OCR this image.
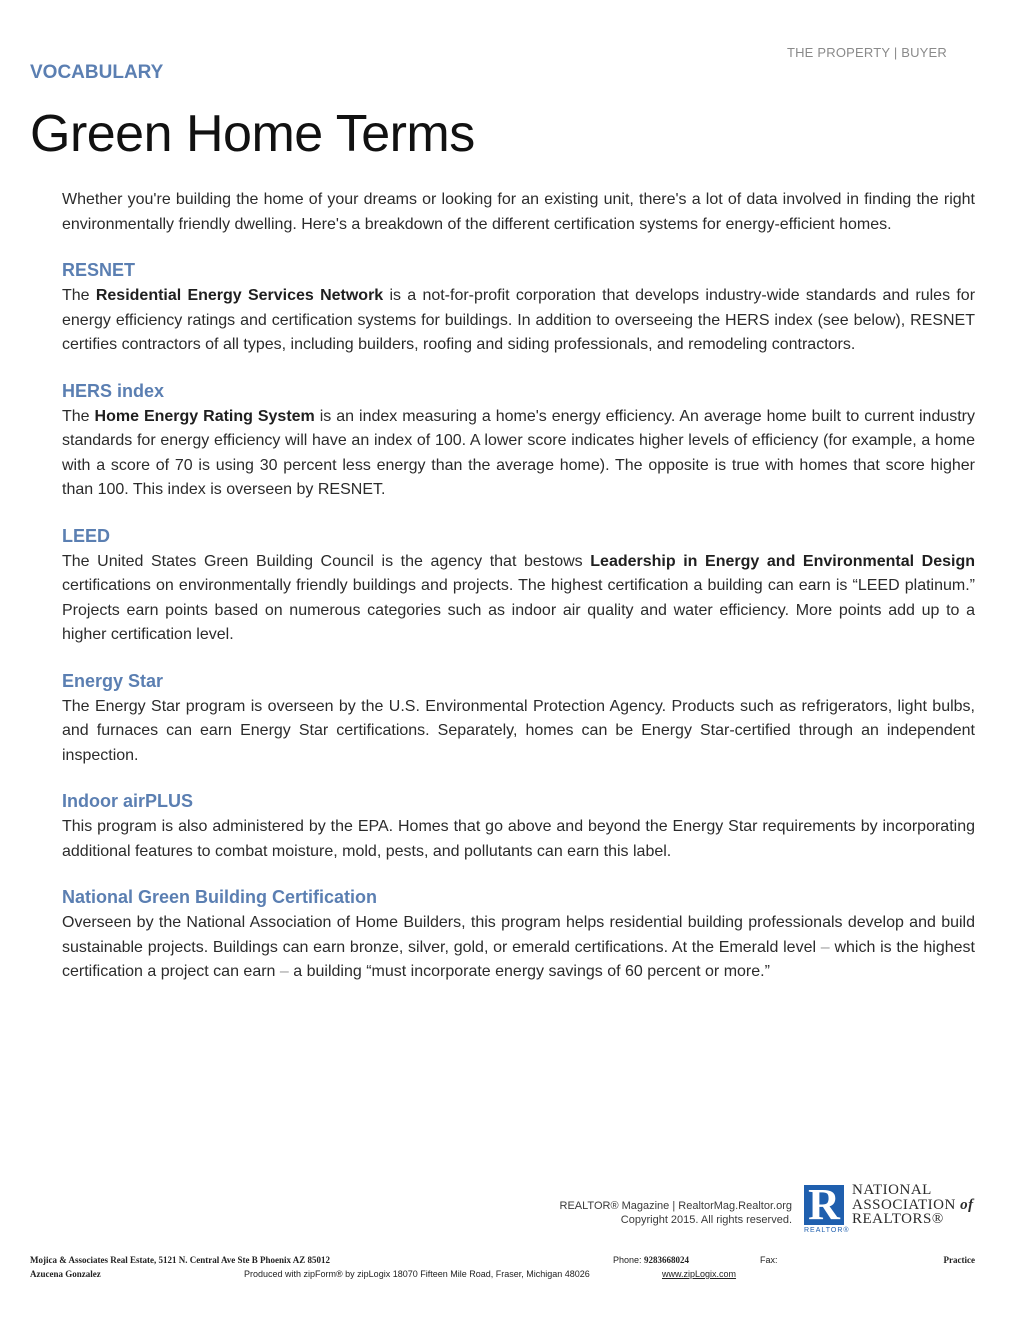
THE PROPERTY | BUYER
VOCABULARY
Green Home Terms

Whether you're building the home of your dreams or looking for an existing unit, there's a lot of data involved in finding the right environmentally friendly dwelling. Here's a breakdown of the different certification systems for energy-efficient homes.

RESNET

The Residential Energy Services Network is a not-for-profit corporation that develops industry-wide standards and rules for energy efficiency ratings and certification systems for buildings. In addition to overseeing the HERS index (see below), RESNET certifies contractors of all types, including builders, roofing and siding professionals, and remodeling contractors.

HERS index

The Home Energy Rating System is an index measuring a home's energy efficiency. An average home built to current industry standards for energy efficiency will have an index of 100. A lower score indicates higher levels of efficiency (for example, a home with a score of 70 is using 30 percent less energy than the average home). The opposite is true with homes that score higher than 100. This index is overseen by RESNET.

LEED

The United States Green Building Council is the agency that bestows Leadership in Energy and Environmental Design certifications on environmentally friendly buildings and projects. The highest certification a building can earn is “LEED platinum.” Projects earn points based on numerous categories such as indoor air quality and water efficiency. More points add up to a higher certification level.

Energy Star

The Energy Star program is overseen by the U.S. Environmental Protection Agency. Products such as refrigerators, light bulbs, and furnaces can earn Energy Star certifications. Separately, homes can be Energy Star-certified through an independent inspection.

Indoor airPLUS

This program is also administered by the EPA. Homes that go above and beyond the Energy Star requirements by incorporating additional features to combat moisture, mold, pests, and pollutants can earn this label.

National Green Building Certification

Overseen by the National Association of Home Builders, this program helps residential building professionals develop and build sustainable projects. Buildings can earn bronze, silver, gold, or emerald certifications. At the Emerald level – which is the highest certification a project can earn – a building “must incorporate energy savings of 60 percent or more.”

REALTOR® Magazine | RealtorMag.Realtor.org
Copyright 2015. All rights reserved. R
REALTOR®
NATIONAL
ASSOCIATION of
REALTORS®
Mojica & Associates Real Estate, 5121 N. Central Ave Ste B Phoenix AZ 85012	Phone: 9283668024	Fax:	Practice
Azucena Gonzalez	Produced with zipForm® by zipLogix 18070 Fifteen Mile Road, Fraser, Michigan 48026	www.zipLogix.com
